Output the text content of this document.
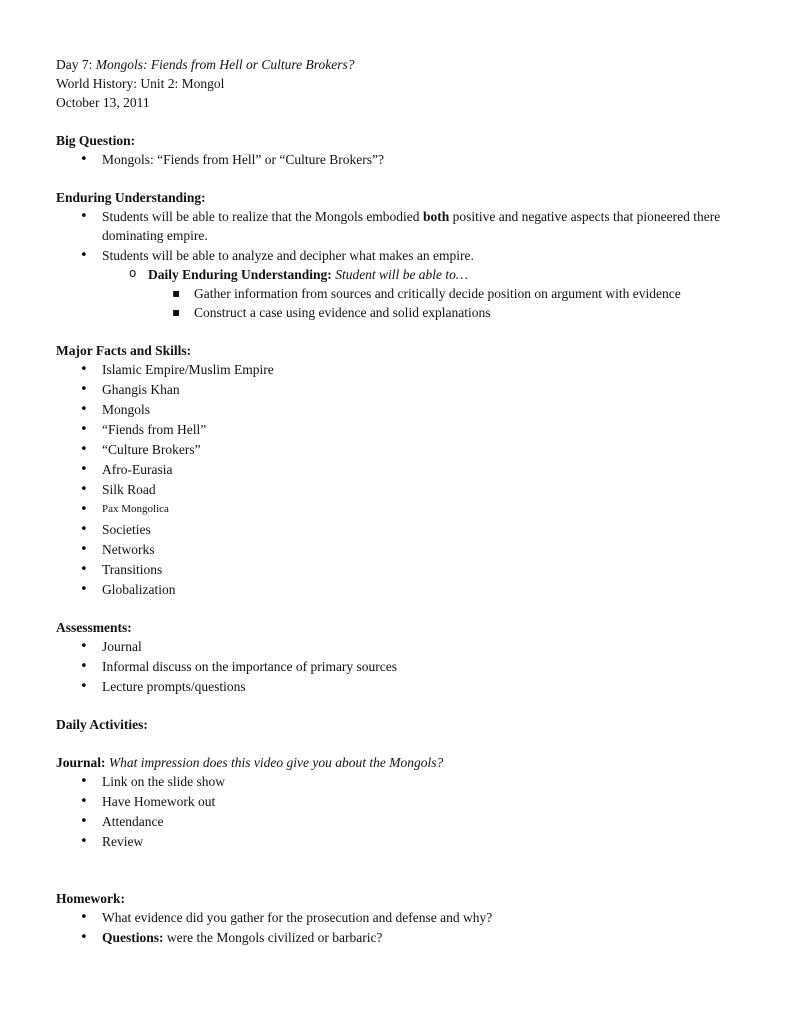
Day 7: Mongols: Fiends from Hell or Culture Brokers?

World History: Unit 2: Mongol

October 13, 2011

Big Question:

• Mongols: “Fiends from Hell” or “Culture Brokers”?

Enduring Understanding:

• Students will be able to realize that the Mongols embodied both positive and negative aspects that pioneered there dominating empire.
• Students will be able to analyze and decipher what makes an empire.
o Daily Enduring Understanding: Student will be able to…
▪ Gather information from sources and critically decide position on argument with evidence
▪ Construct a case using evidence and solid explanations

Major Facts and Skills:

• Islamic Empire/Muslim Empire
• Ghangis Khan
• Mongols
• “Fiends from Hell”
• “Culture Brokers”
• Afro-Eurasia
• Silk Road
• Pax Mongolica
• Societies
• Networks
• Transitions
• Globalization

Assessments:

• Journal
• Informal discuss on the importance of primary sources
• Lecture prompts/questions

Daily Activities:

Journal: What impression does this video give you about the Mongols?

• Link on the slide show
• Have Homework out
• Attendance
• Review

Homework:

• What evidence did you gather for the prosecution and defense and why?
• Questions: were the Mongols civilized or barbaric?
